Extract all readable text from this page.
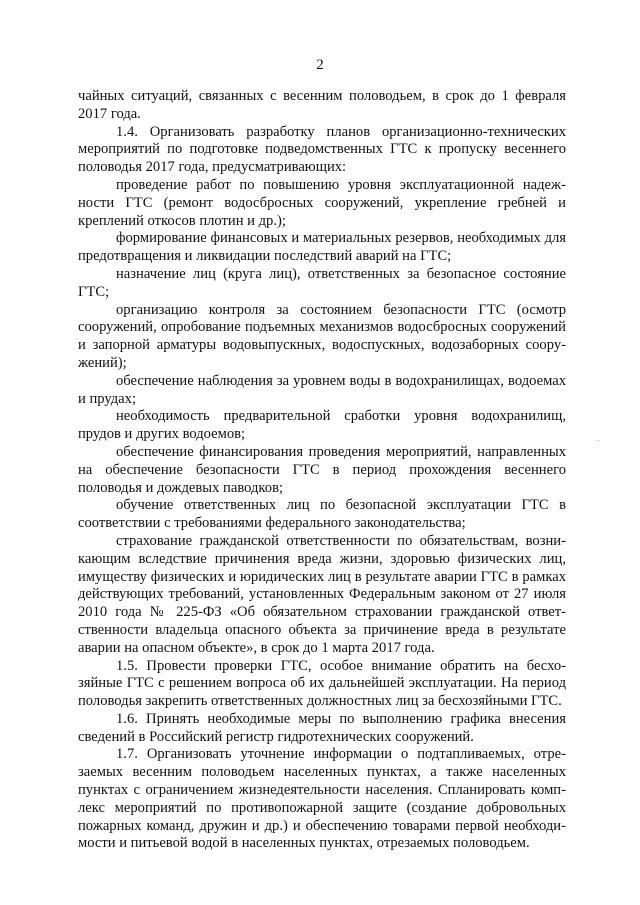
2

чайных ситуаций, связанных с весенним половодьем, в срок до 1 февраля 2017 года.

1.4. Организовать разработку планов организационно-технических мероприятий по подготовке подведомственных ГТС к пропуску весеннего половодья 2017 года, предусматривающих:

проведение работ по повышению уровня эксплуатационной надежности ГТС (ремонт водосбросных сооружений, укрепление гребней и креплений откосов плотин и др.);

формирование финансовых и материальных резервов, необходимых для предотвращения и ликвидации последствий аварий на ГТС;

назначение лиц (круга лиц), ответственных за безопасное состояние ГТС;

организацию контроля за состоянием безопасности ГТС (осмотр сооружений, опробование подъемных механизмов водосбросных сооружений и запорной арматуры водовыпускных, водоспускных, водозаборных сооружений);

обеспечение наблюдения за уровнем воды в водохранилищах, водоемах и прудах;

необходимость предварительной сработки уровня водохранилищ, прудов и других водоемов;

обеспечение финансирования проведения мероприятий, направленных на обеспечение безопасности ГТС в период прохождения весеннего половодья и дождевых паводков;

обучение ответственных лиц по безопасной эксплуатации ГТС в соответствии с требованиями федерального законодательства;

страхование гражданской ответственности по обязательствам, возникающим вследствие причинения вреда жизни, здоровью физических лиц, имуществу физических и юридических лиц в результате аварии ГТС в рамках действующих требований, установленных Федеральным законом от 27 июля 2010 года № 225-ФЗ «Об обязательном страховании гражданской ответственности владельца опасного объекта за причинение вреда в результате аварии на опасном объекте», в срок до 1 марта 2017 года.

1.5. Провести проверки ГТС, особое внимание обратить на бесхозяйные ГТС с решением вопроса об их дальнейшей эксплуатации. На период половодья закрепить ответственных должностных лиц за бесхозяйными ГТС.

1.6. Принять необходимые меры по выполнению графика внесения сведений в Российский регистр гидротехнических сооружений.

1.7. Организовать уточнение информации о подтапливаемых, отрезаемых весенним половодьем населенных пунктах, а также населенных пунктах с ограничением жизнедеятельности населения. Спланировать комплекс мероприятий по противопожарной защите (создание добровольных пожарных команд, дружин и др.) и обеспечению товарами первой необходимости и питьевой водой в населенных пунктах, отрезаемых половодьем.
